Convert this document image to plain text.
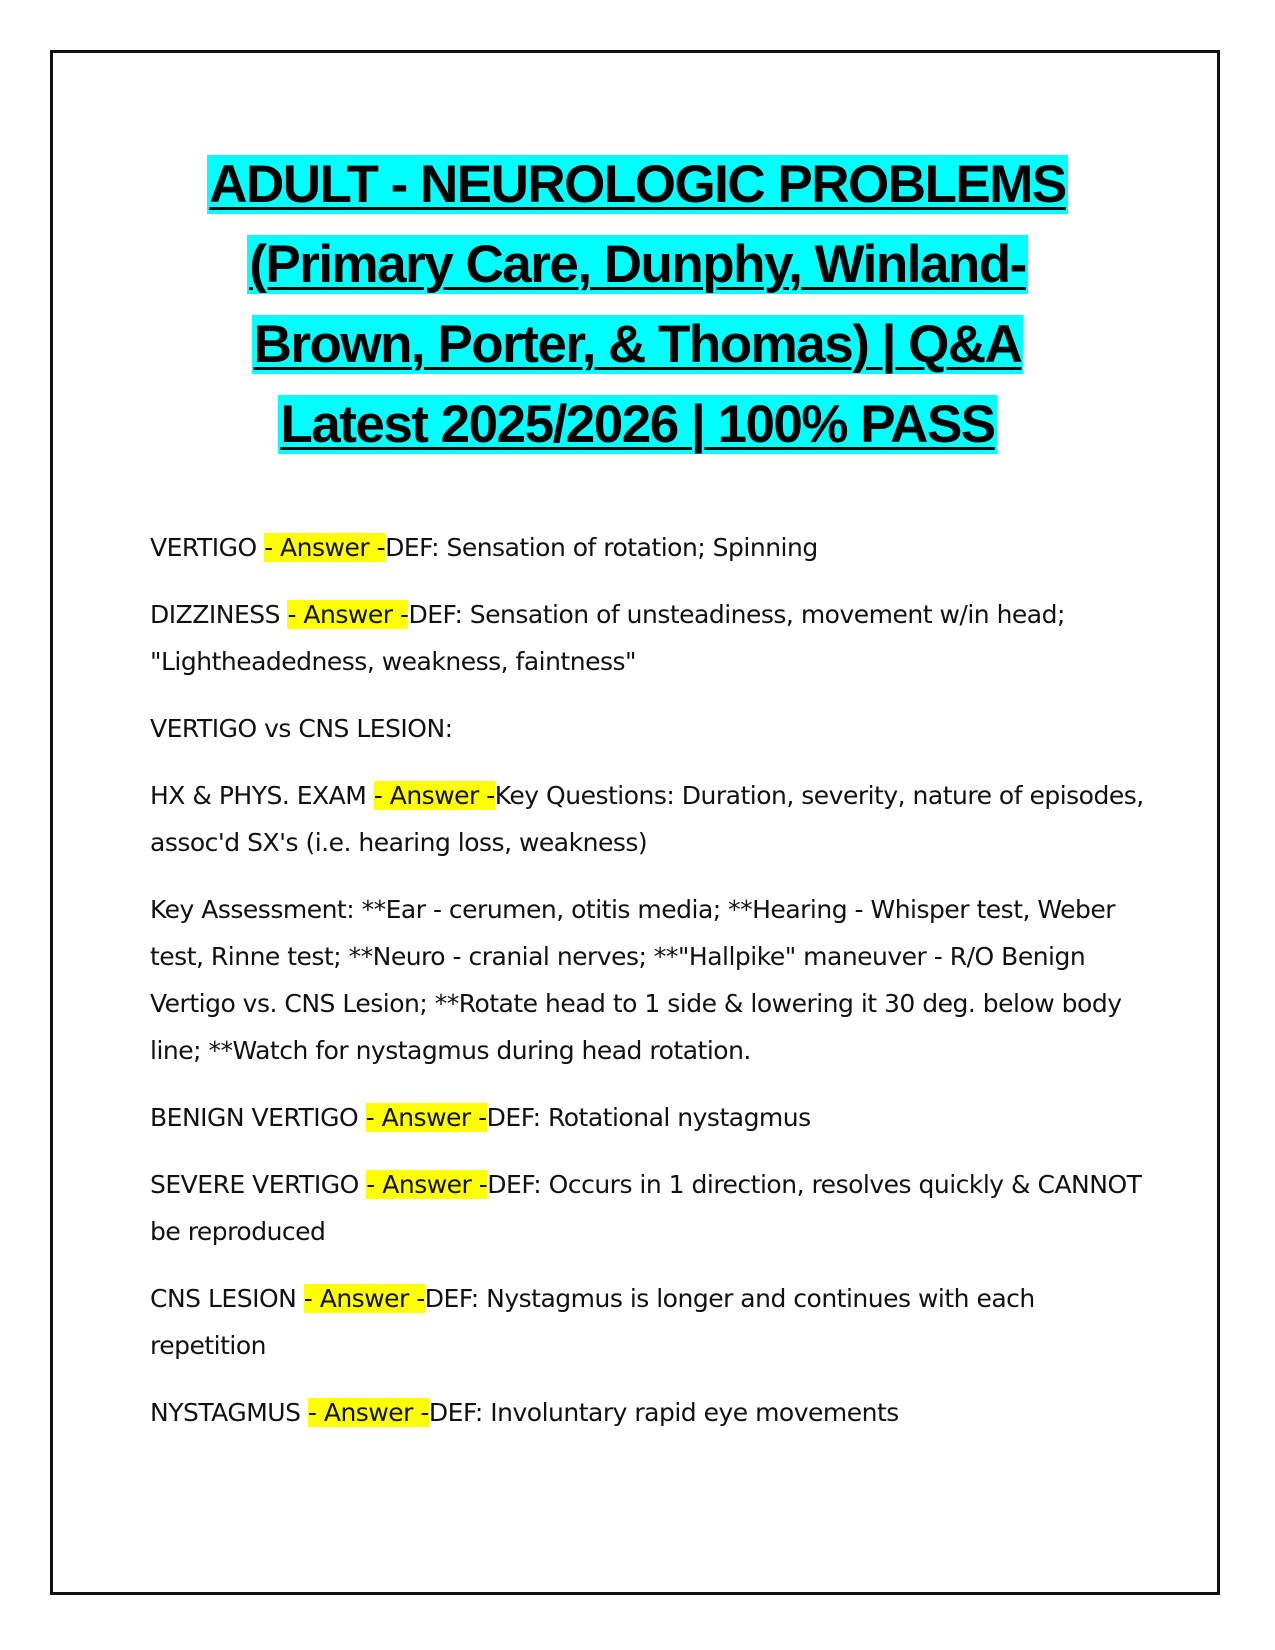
ADULT - NEUROLOGIC PROBLEMS
(Primary Care, Dunphy, Winland-
Brown, Porter, & Thomas) | Q&A
Latest 2025/2026 | 100% PASS

VERTIGO - Answer -DEF: Sensation of rotation; Spinning

DIZZINESS - Answer -DEF: Sensation of unsteadiness, movement w/in head; "Lightheadedness, weakness, faintness"

VERTIGO vs CNS LESION:

HX & PHYS. EXAM - Answer -Key Questions: Duration, severity, nature of episodes, assoc'd SX's (i.e. hearing loss, weakness)

Key Assessment: **Ear - cerumen, otitis media; **Hearing - Whisper test, Weber test, Rinne test; **Neuro - cranial nerves; **"Hallpike" maneuver - R/O Benign Vertigo vs. CNS Lesion; **Rotate head to 1 side & lowering it 30 deg. below body line; **Watch for nystagmus during head rotation.

BENIGN VERTIGO - Answer -DEF: Rotational nystagmus

SEVERE VERTIGO - Answer -DEF: Occurs in 1 direction, resolves quickly & CANNOT be reproduced

CNS LESION - Answer -DEF: Nystagmus is longer and continues with each repetition

NYSTAGMUS - Answer -DEF: Involuntary rapid eye movements
